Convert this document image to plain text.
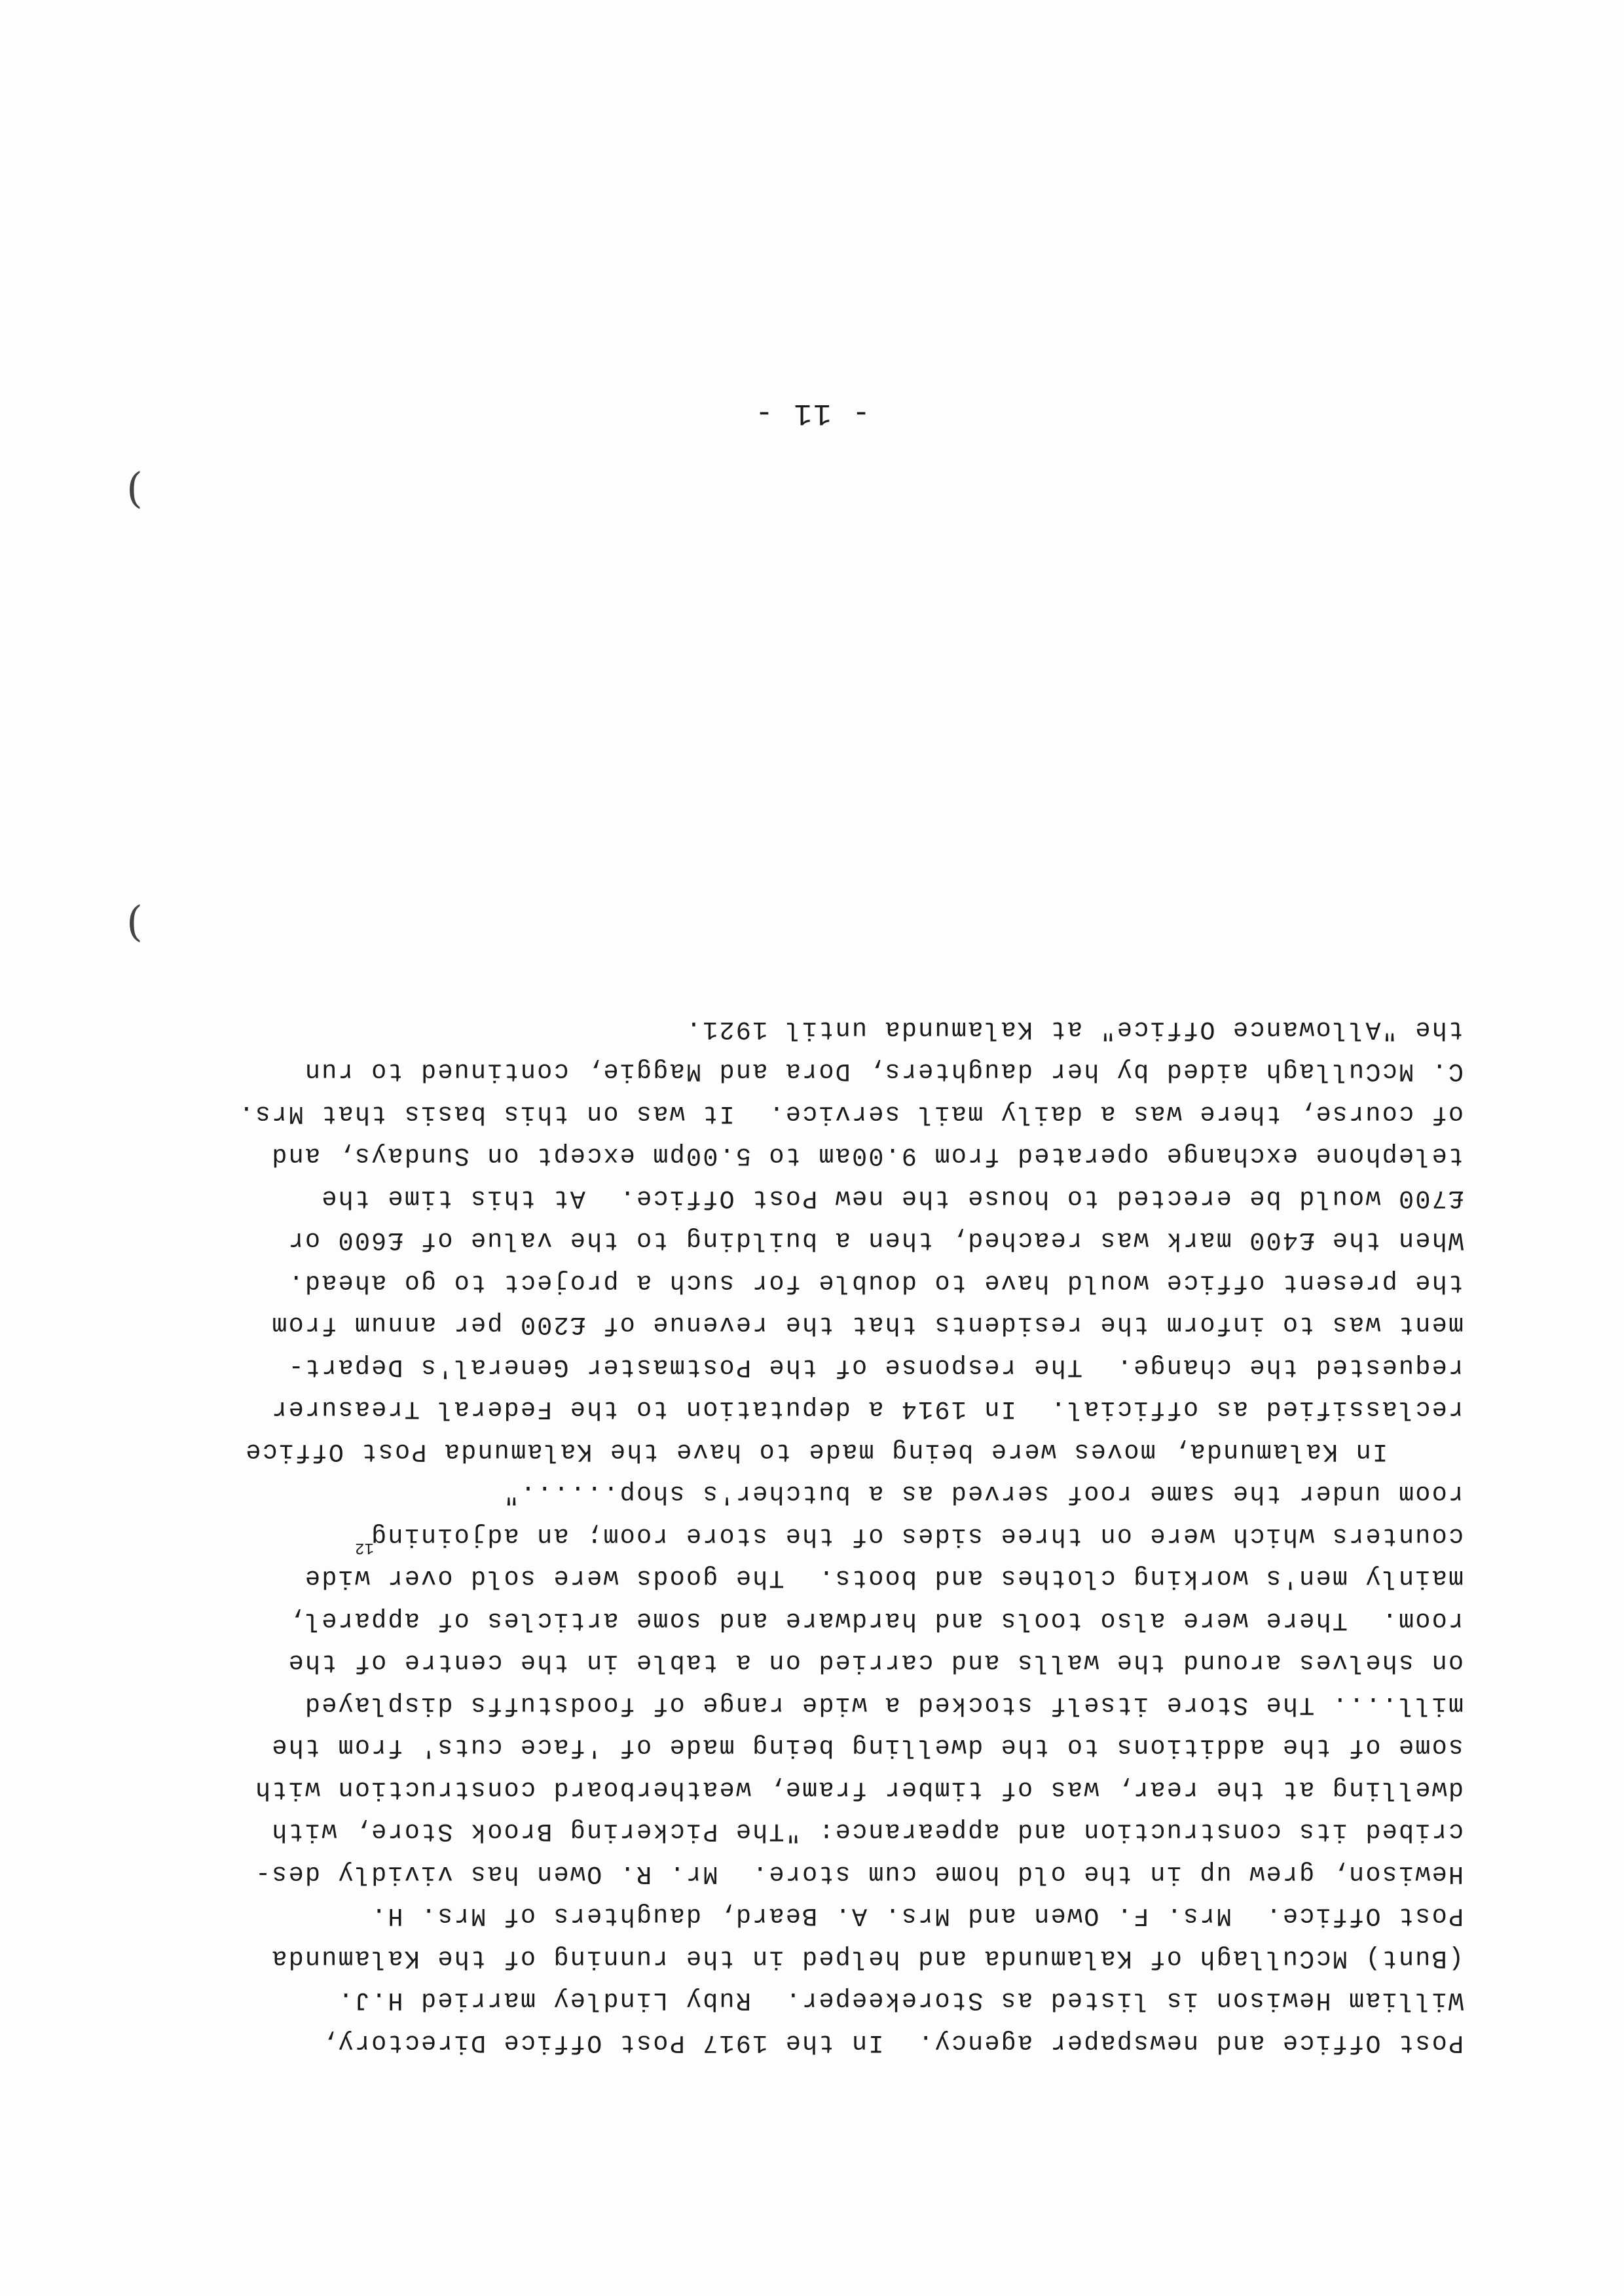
- 11 -
Post Office and newspaper agency.  In the 1917 Post Office Directory,
William Hewison is listed as Storekeeper.  Ruby Lindley married H.J.
(Bunt) McCullagh of Kalamunda and helped in the running of the Kalamunda
Post Office.  Mrs. F. Owen and Mrs. A. Beard, daughters of Mrs. H.
Hewison, grew up in the old home cum store.  Mr. R. Owen has vividly des-
cribed its construction and appearance: "The Pickering Brook Store, with
dwelling at the rear, was of timber frame, weatherboard construction with
some of the additions to the dwelling being made of 'face cuts' from the
mill.... The Store itself stocked a wide range of foodstuffs displayed
on shelves around the walls and carried on a table in the centre of the
room.  There were also tools and hardware and some articles of apparel,
mainly men's working clothes and boots.  The goods were sold over wide
counters which were on three sides of the store room; an adjoining$^{12}$
room under the same roof served as a butcher's shop......"
In Kalamunda, moves were being made to have the Kalamunda Post Office
reclassified as official.  In 1914 a deputation to the Federal Treasurer
requested the change.  The response of the Postmaster General's Depart-
ment was to inform the residents that the revenue of £200 per annum from
the present office would have to double for such a project to go ahead.
When the £400 mark was reached, then a building to the value of £600 or
£700 would be erected to house the new Post Office.  At this time the
telephone exchange operated from 9.00am to 5.00pm except on Sundays, and
of course, there was a daily mail service.  It was on this basis that Mrs.
C. McCullagh aided by her daughters, Dora and Maggie, continued to run
the "Allowance Office" at Kalamunda until 1921.
(
(
